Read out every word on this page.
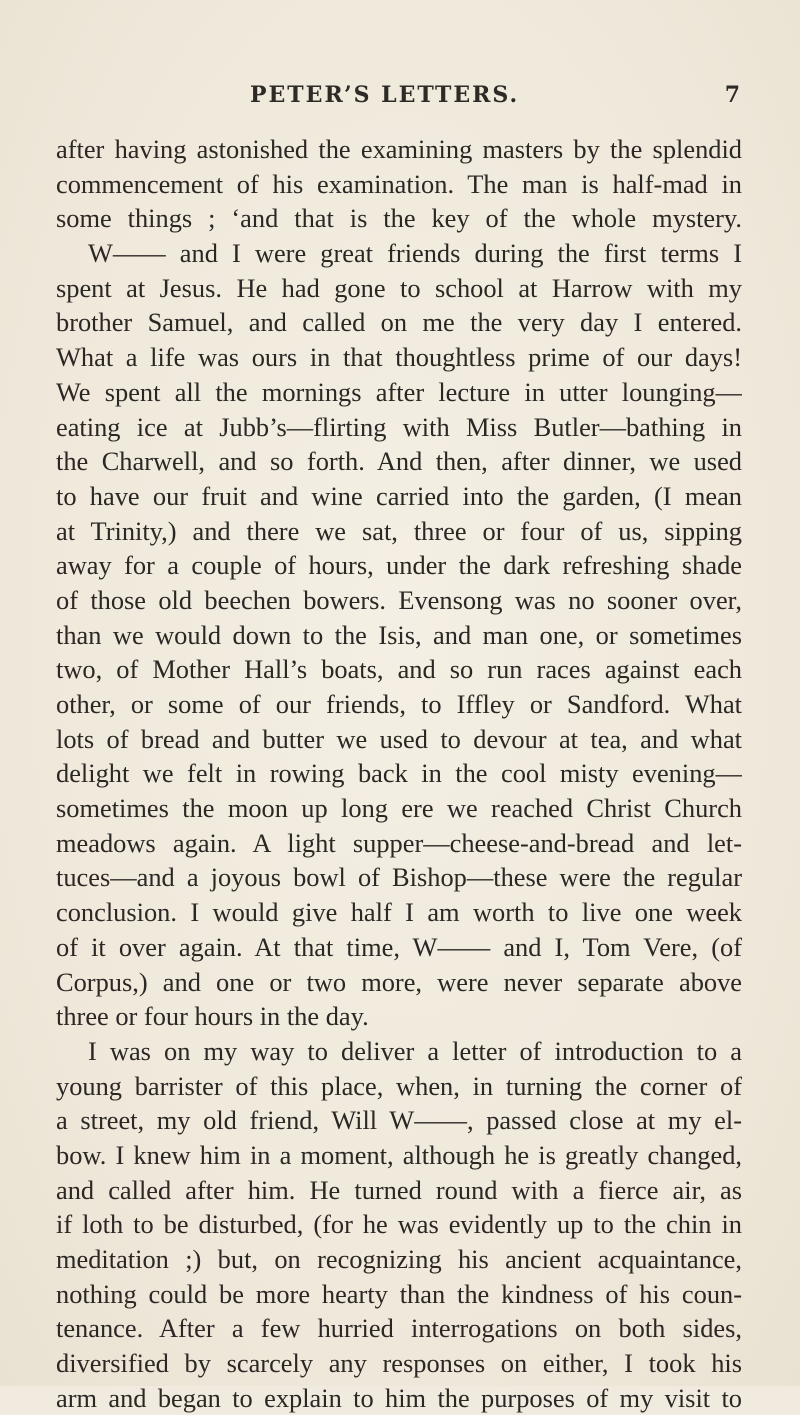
PETER’S LETTERS.	7
after having astonished the examining masters by the splendid
commencement of his examination. The man is half-mad in
some things ; ‘and that is the key of the whole mystery.
W—— and I were great friends during the first terms I
spent at Jesus. He had gone to school at Harrow with my
brother Samuel, and called on me the very day I entered.
What a life was ours in that thoughtless prime of our days!
We spent all the mornings after lecture in utter lounging—
eating ice at Jubb’s—flirting with Miss Butler—bathing in
the Charwell, and so forth. And then, after dinner, we used
to have our fruit and wine carried into the garden, (I mean
at Trinity,) and there we sat, three or four of us, sipping
away for a couple of hours, under the dark refreshing shade
of those old beechen bowers. Evensong was no sooner over,
than we would down to the Isis, and man one, or sometimes
two, of Mother Hall’s boats, and so run races against each
other, or some of our friends, to Iffley or Sandford. What
lots of bread and butter we used to devour at tea, and what
delight we felt in rowing back in the cool misty evening—
sometimes the moon up long ere we reached Christ Church
meadows again. A light supper—cheese-and-bread and let-
tuces—and a joyous bowl of Bishop—these were the regular
conclusion. I would give half I am worth to live one week
of it over again. At that time, W—— and I, Tom Vere, (of
Corpus,) and one or two more, were never separate above
three or four hours in the day.
I was on my way to deliver a letter of introduction to a
young barrister of this place, when, in turning the corner of
a street, my old friend, Will W——, passed close at my el-
bow. I knew him in a moment, although he is greatly changed,
and called after him. He turned round with a fierce air, as
if loth to be disturbed, (for he was evidently up to the chin in
meditation ;) but, on recognizing his ancient acquaintance,
nothing could be more hearty than the kindness of his coun-
tenance. After a few hurried interrogations on both sides,
diversified by scarcely any responses on either, I took his
arm and began to explain to him the purposes of my visit to
